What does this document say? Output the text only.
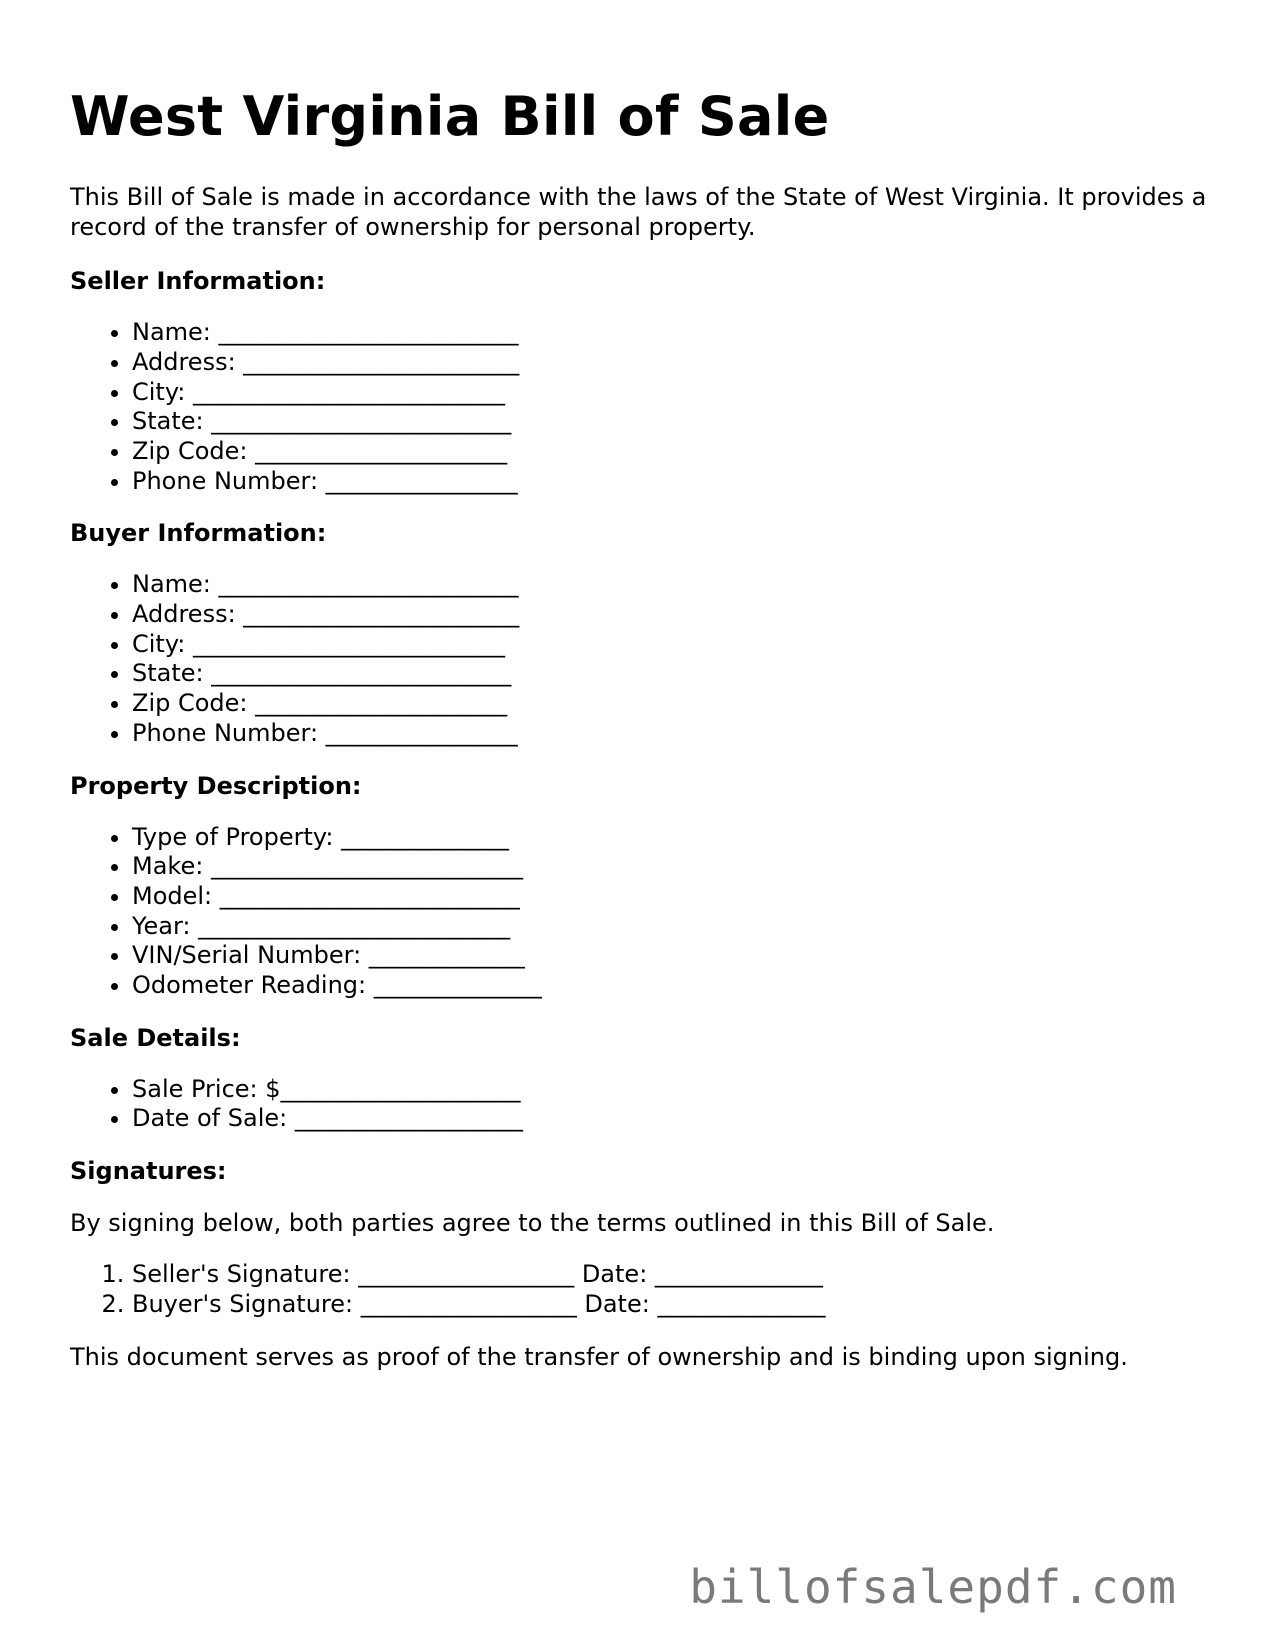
West Virginia Bill of Sale

This Bill of Sale is made in accordance with the laws of the State of West Virginia. It provides a record of the transfer of ownership for personal property.

Seller Information:
• Name: _________________________
• Address: _______________________
• City: __________________________
• State: _________________________
• Zip Code: _____________________
• Phone Number: ________________
Buyer Information:
• Name: _________________________
• Address: _______________________
• City: __________________________
• State: _________________________
• Zip Code: _____________________
• Phone Number: ________________
Property Description:
• Type of Property: ______________
• Make: __________________________
• Model: _________________________
• Year: __________________________
• VIN/Serial Number: _____________
• Odometer Reading: ______________
Sale Details:
• Sale Price: $____________________
• Date of Sale: ___________________
Signatures:

By signing below, both parties agree to the terms outlined in this Bill of Sale.

1. Seller's Signature: __________________ Date: ______________
2. Buyer's Signature: __________________ Date: ______________

This document serves as proof of the transfer of ownership and is binding upon signing.

billofsalepdf.com
